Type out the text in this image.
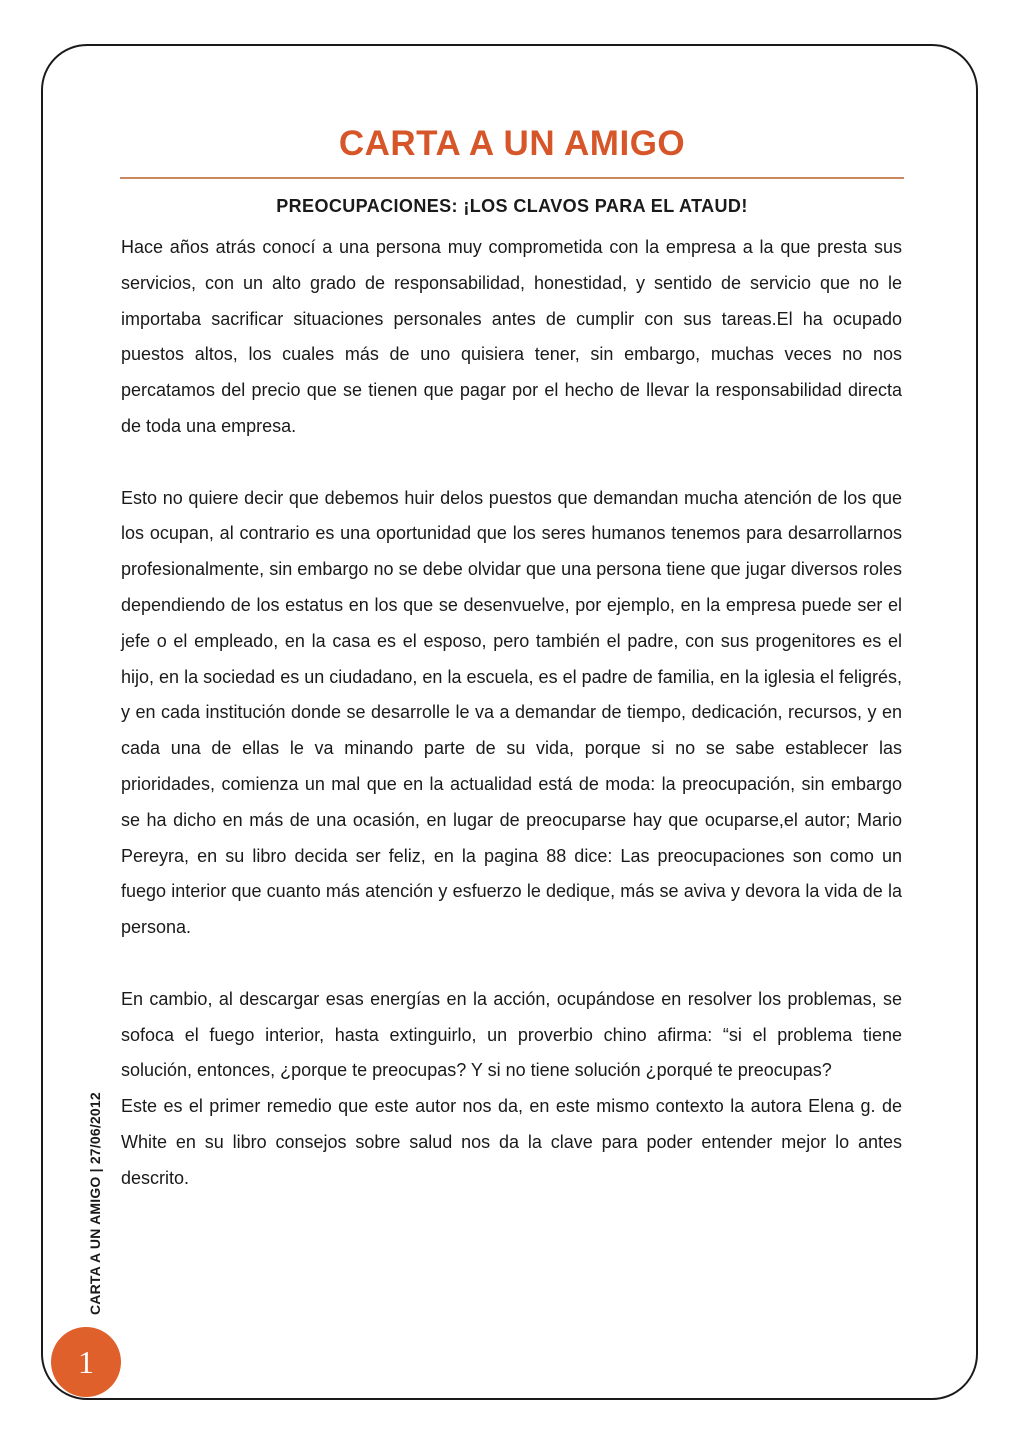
CARTA A UN AMIGO
PREOCUPACIONES: ¡LOS CLAVOS PARA EL ATAUD!

Hace años atrás conocí a una persona muy comprometida con la empresa a la que presta sus servicios, con un alto grado de responsabilidad, honestidad, y sentido de servicio que no le importaba sacrificar situaciones personales antes de cumplir con sus tareas.El ha ocupado puestos altos, los cuales más de uno quisiera tener, sin embargo, muchas veces no nos percatamos del precio que se tienen que pagar por el hecho de llevar la responsabilidad directa de toda una empresa.

Esto no quiere decir que debemos huir delos puestos que demandan mucha atención de los que los ocupan, al contrario es una oportunidad que los seres humanos tenemos para desarrollarnos profesionalmente, sin embargo no se debe olvidar que una persona tiene que jugar diversos roles dependiendo de los estatus en los que se desenvuelve, por ejemplo, en la empresa puede ser el jefe o el empleado, en la casa es el esposo, pero también el padre, con sus progenitores es el hijo, en la sociedad es un ciudadano, en la escuela, es el padre de familia, en la iglesia el feligrés, y en cada institución donde se desarrolle le va a demandar de tiempo, dedicación, recursos, y en cada una de ellas le va minando parte de su vida, porque si no se sabe establecer las prioridades, comienza un mal que en la actualidad está de moda: la preocupación, sin embargo se ha dicho en más de una ocasión, en lugar de preocuparse hay que ocuparse,el autor; Mario Pereyra, en su libro decida ser feliz, en la pagina 88 dice: Las preocupaciones son como un fuego interior que cuanto más atención y esfuerzo le dedique, más se aviva y devora la vida de la persona.

En cambio, al descargar esas energías en la acción, ocupándose en resolver los problemas, se sofoca el fuego interior, hasta extinguirlo, un proverbio chino afirma: “si el problema tiene solución, entonces, ¿porque te preocupas? Y si no tiene solución ¿porqué te preocupas?

Este es el primer remedio que este autor nos da, en este mismo contexto la autora Elena g. de White en su libro consejos sobre salud nos da la clave para poder entender mejor lo antes descrito.

CARTA A UN AMIGO | 27/06/2012
1
